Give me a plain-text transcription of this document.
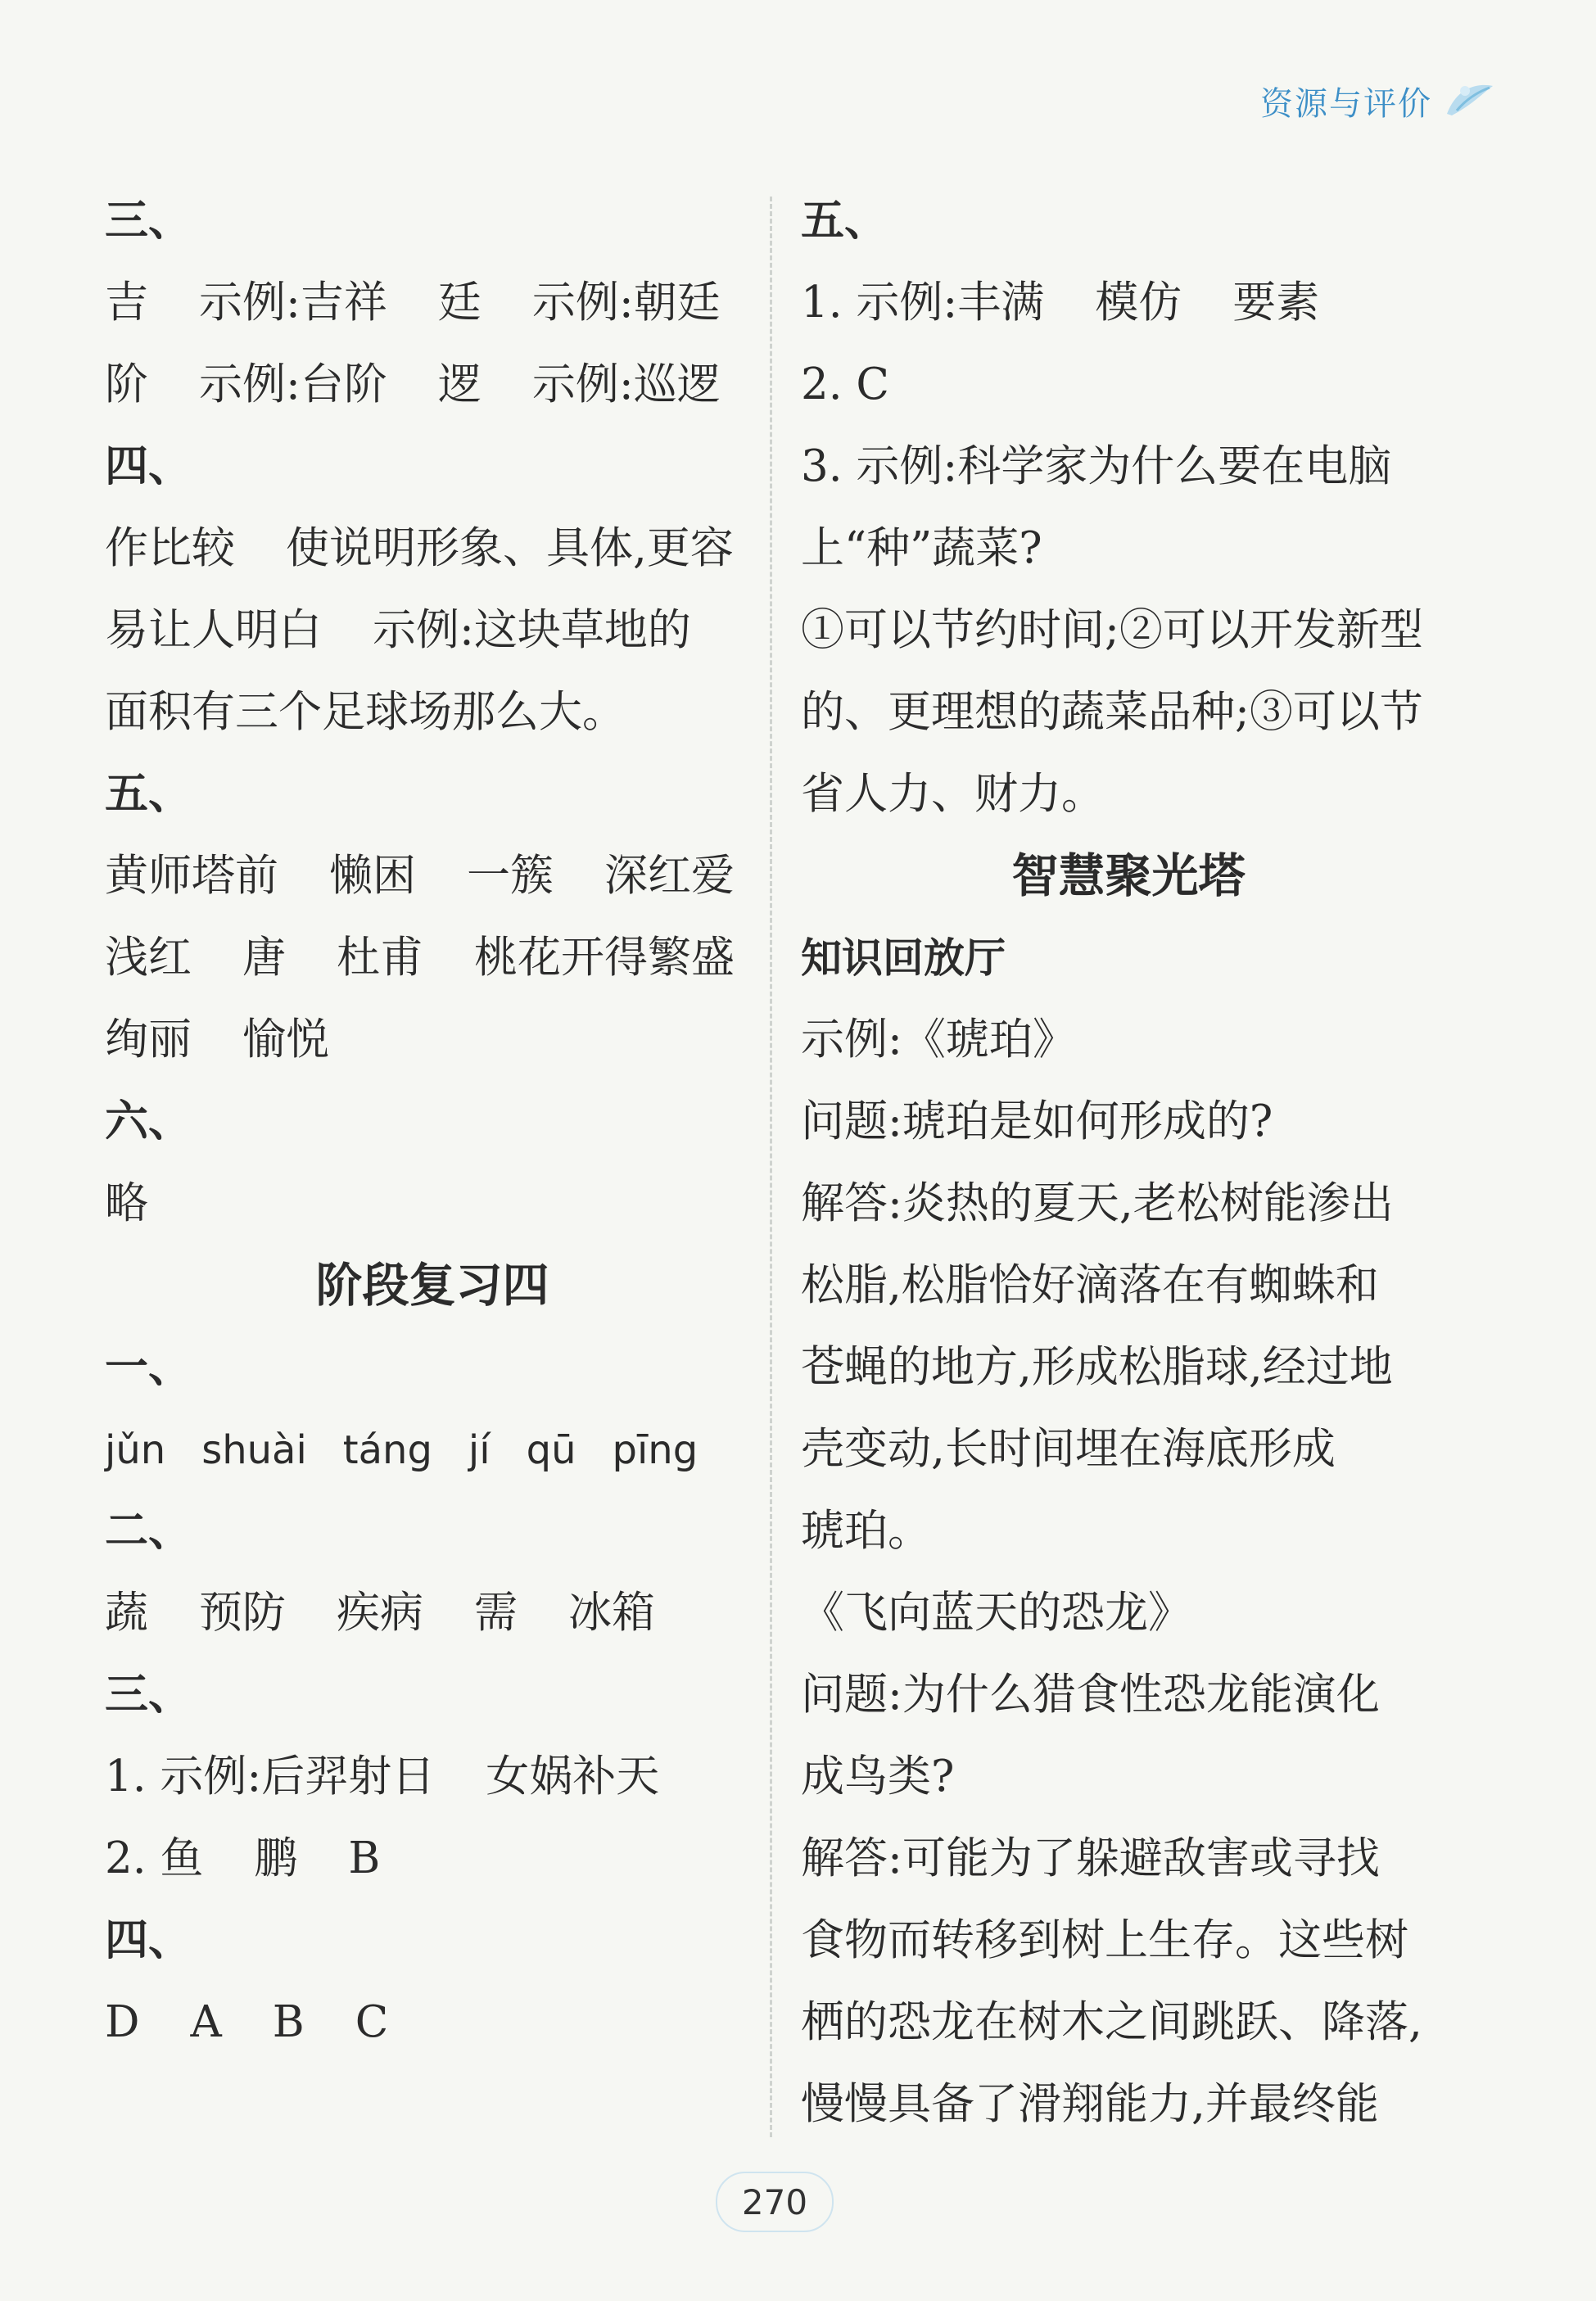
资源与评价
三、
吉 示例:吉祥 廷 示例:朝廷
阶 示例:台阶 逻 示例:巡逻
四、
作比较 使说明形象、具体,更容
易让人明白 示例:这块草地的
面积有三个足球场那么大。
五、
黄师塔前 懒困 一簇 深红爱
浅红 唐 杜甫 桃花开得繁盛
绚丽 愉悦
六、
略
阶段复习四
一、
jǔn shuài táng jí qū pīng
二、
蔬 预防 疾病 需 冰箱
三、
1. 示例:后羿射日 女娲补天
2. 鱼 鹏 B
四、
D A B C
五、
1. 示例:丰满 模仿 要素
2. C
3. 示例:科学家为什么要在电脑
上“种”蔬菜?
①可以节约时间;②可以开发新型
的、更理想的蔬菜品种;③可以节
省人力、财力。
智慧聚光塔
知识回放厅
示例:《琥珀》
问题:琥珀是如何形成的?
解答:炎热的夏天,老松树能渗出
松脂,松脂恰好滴落在有蜘蛛和
苍蝇的地方,形成松脂球,经过地
壳变动,长时间埋在海底形成
琥珀。
《飞向蓝天的恐龙》
问题:为什么猎食性恐龙能演化
成鸟类?
解答:可能为了躲避敌害或寻找
食物而转移到树上生存。这些树
栖的恐龙在树木之间跳跃、降落,
慢慢具备了滑翔能力,并最终能
270
